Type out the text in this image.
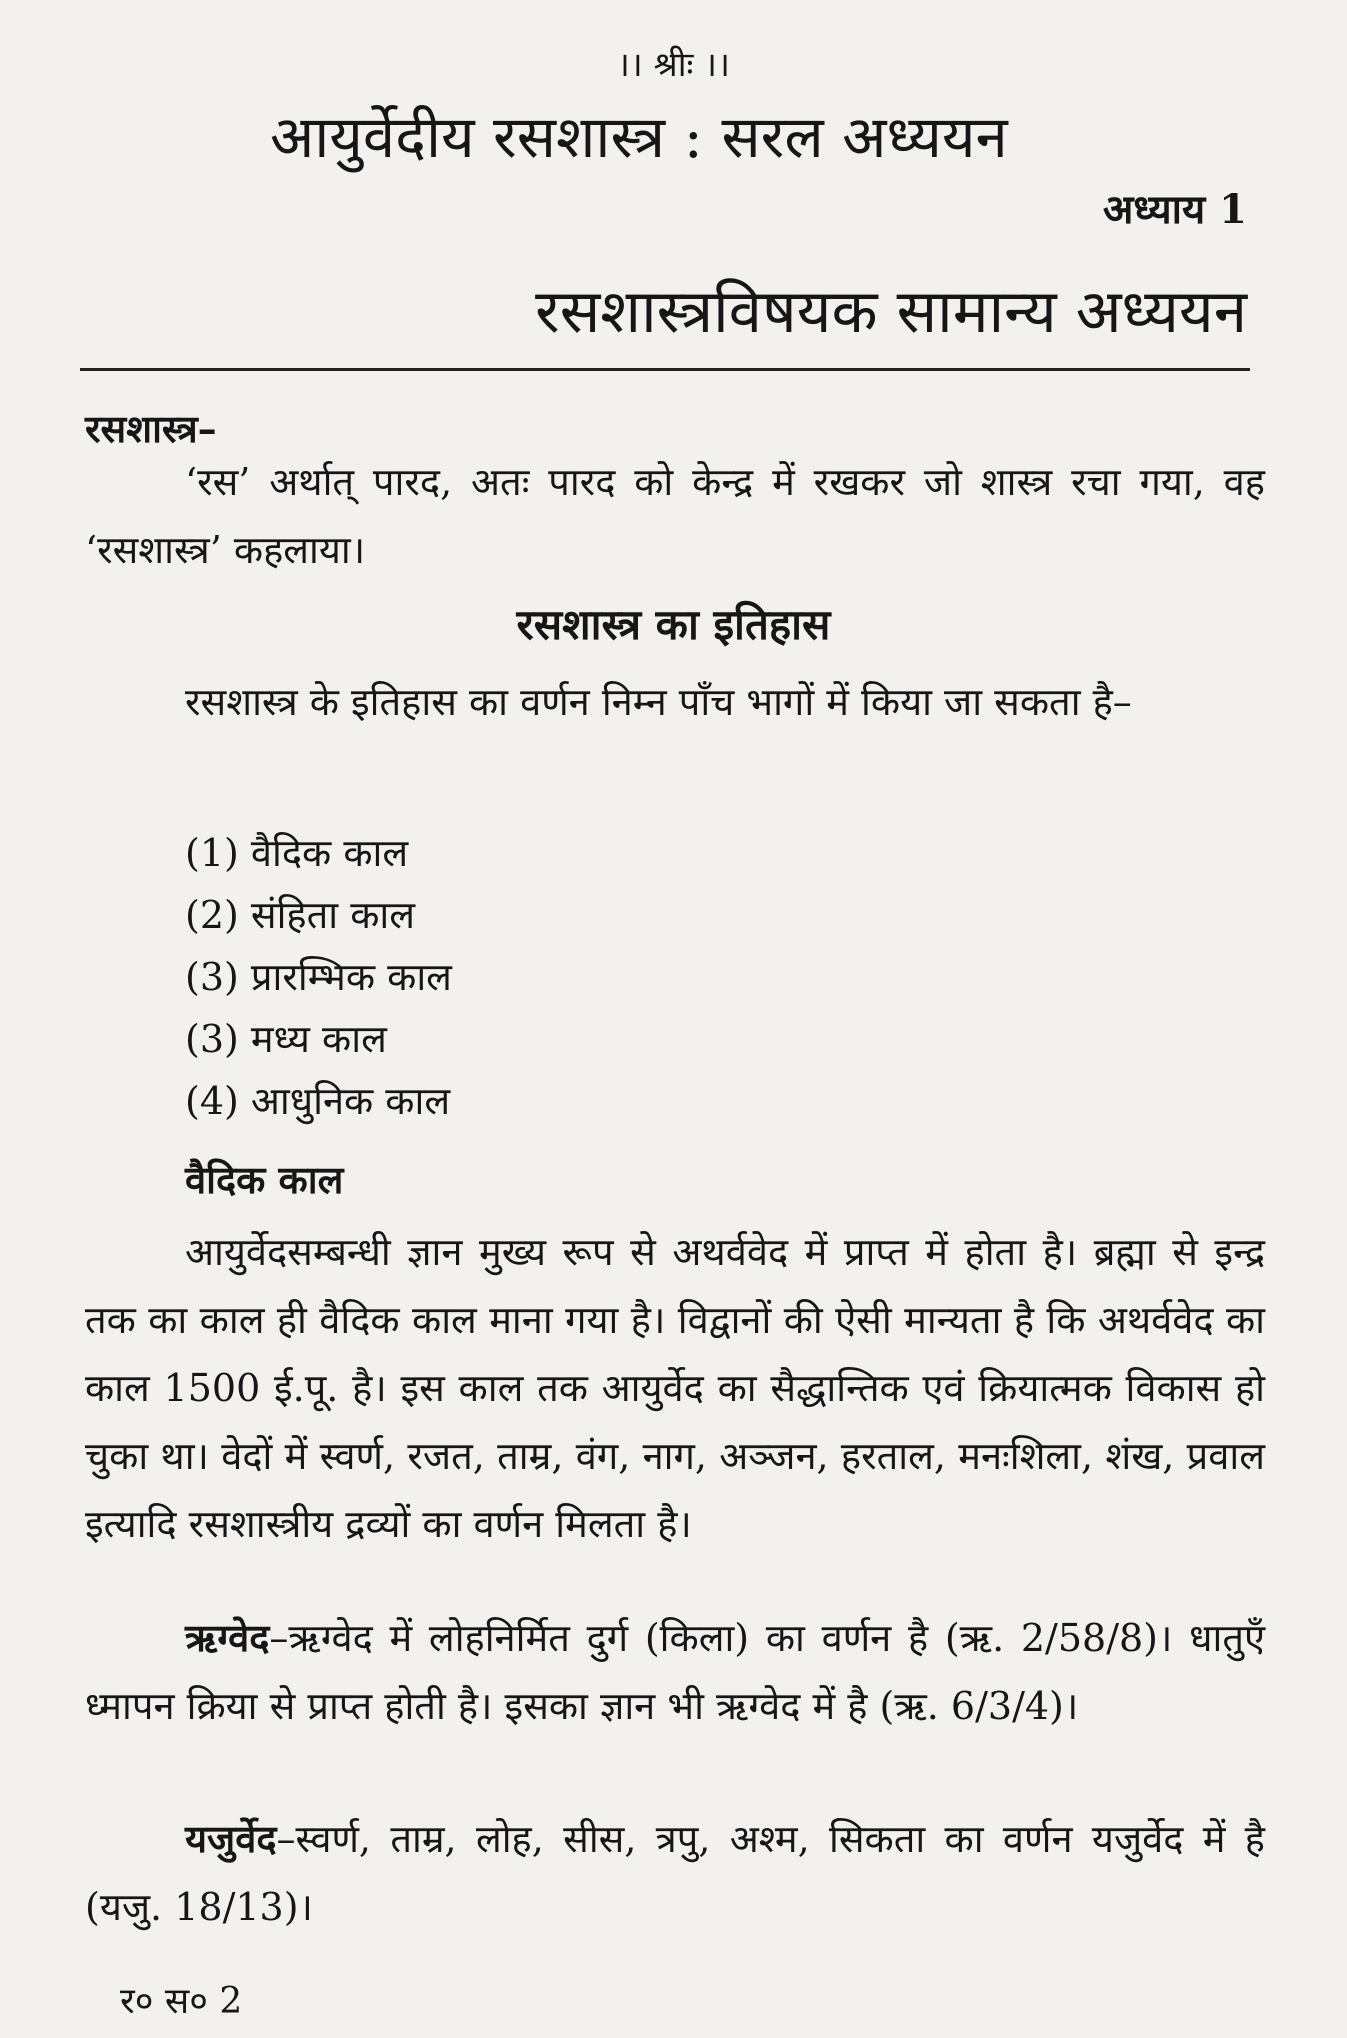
।। श्रीः ।।
आयुर्वेदीय रसशास्त्र : सरल अध्ययन
अध्याय 1
रसशास्त्रविषयक सामान्य अध्ययन
रसशास्त्र–

‘रस’ अर्थात् पारद, अतः पारद को केन्द्र में रखकर जो शास्त्र रचा गया, वह ‘रसशास्त्र’ कहलाया।

रसशास्त्र का इतिहास

रसशास्त्र के इतिहास का वर्णन निम्न पाँच भागों में किया जा सकता है–

(1) वैदिक काल
(2) संहिता काल
(3) प्रारम्भिक काल
(3) मध्य काल
(4) आधुनिक काल
वैदिक काल

आयुर्वेदसम्बन्धी ज्ञान मुख्य रूप से अथर्ववेद में प्राप्त में होता है। ब्रह्मा से इन्द्र तक का काल ही वैदिक काल माना गया है। विद्वानों की ऐसी मान्यता है कि अथर्ववेद का काल 1500 ई.पू. है। इस काल तक आयुर्वेद का सैद्धान्तिक एवं क्रियात्मक विकास हो चुका था। वेदों में स्वर्ण, रजत, ताम्र, वंग, नाग, अञ्जन, हरताल, मनःशिला, शंख, प्रवाल इत्यादि रसशास्त्रीय द्रव्यों का वर्णन मिलता है।

ऋग्वेद–ऋग्वेद में लोहनिर्मित दुर्ग (किला) का वर्णन है (ऋ. 2/58/8)। धातुएँ ध्मापन क्रिया से प्राप्त होती है। इसका ज्ञान भी ऋग्वेद में है (ऋ. 6/3/4)।

यजुर्वेद–स्वर्ण, ताम्र, लोह, सीस, त्रपु, अश्म, सिकता का वर्णन यजुर्वेद में है (यजु. 18/13)।

र० स० 2
